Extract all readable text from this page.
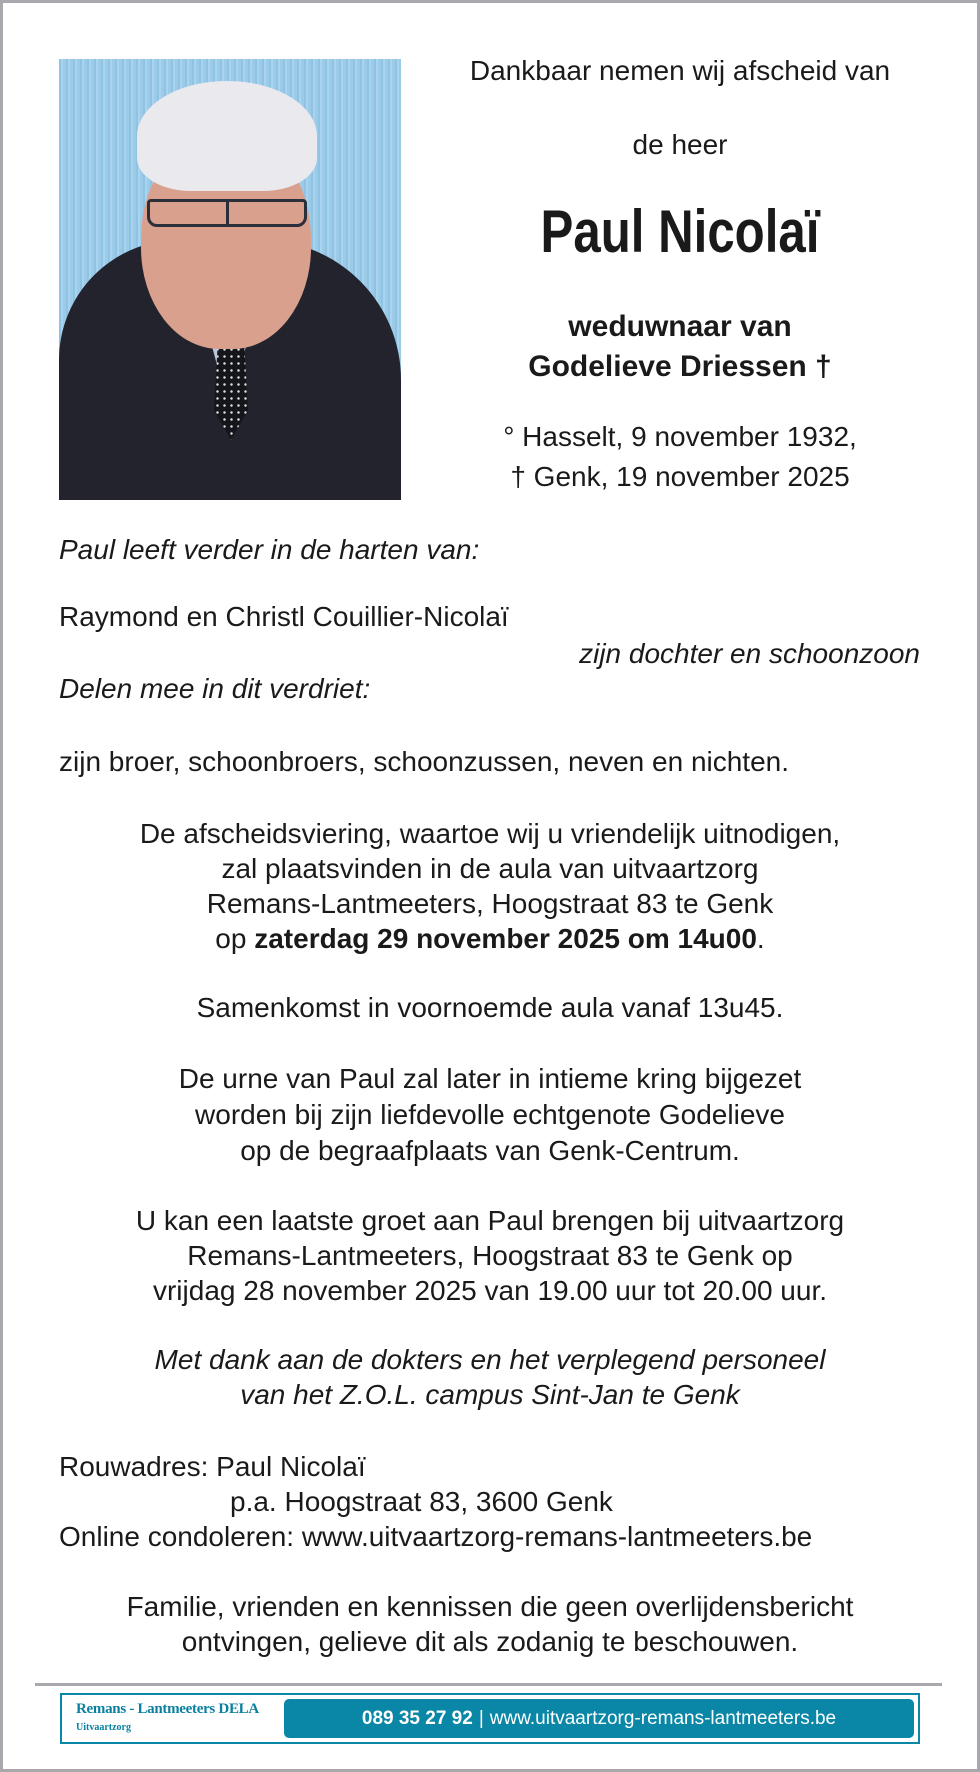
Dankbaar nemen wij afscheid van
de heer
Paul Nicolaï
weduwnaar van
Godelieve Driessen †
° Hasselt, 9 november 1932,
† Genk, 19 november 2025
Paul leeft verder in de harten van:
Raymond en Christl Couillier-Nicolaï
zijn dochter en schoonzoon
Delen mee in dit verdriet:
zijn broer, schoonbroers, schoonzussen, neven en nichten.
De afscheidsviering, waartoe wij u vriendelijk uitnodigen,
zal plaatsvinden in de aula van uitvaartzorg
Remans-Lantmeeters, Hoogstraat 83 te Genk
op zaterdag 29 november 2025 om 14u00.
Samenkomst in voornoemde aula vanaf 13u45.
De urne van Paul zal later in intieme kring bijgezet
worden bij zijn liefdevolle echtgenote Godelieve
op de begraafplaats van Genk-Centrum.
U kan een laatste groet aan Paul brengen bij uitvaartzorg
Remans-Lantmeeters, Hoogstraat 83 te Genk op
vrijdag 28 november 2025 van 19.00 uur tot 20.00 uur.
Met dank aan de dokters en het verplegend personeel
van het Z.O.L. campus Sint-Jan te Genk
Rouwadres: Paul Nicolaï
p.a. Hoogstraat 83, 3600 Genk
Online condoleren: www.uitvaartzorg-remans-lantmeeters.be
Familie, vrienden en kennissen die geen overlijdensbericht
ontvingen, gelieve dit als zodanig te beschouwen.
Remans - Lantmeeters DELA
Uitvaartzorg	089 35 27 92 | www.uitvaartzorg-remans-lantmeeters.be
